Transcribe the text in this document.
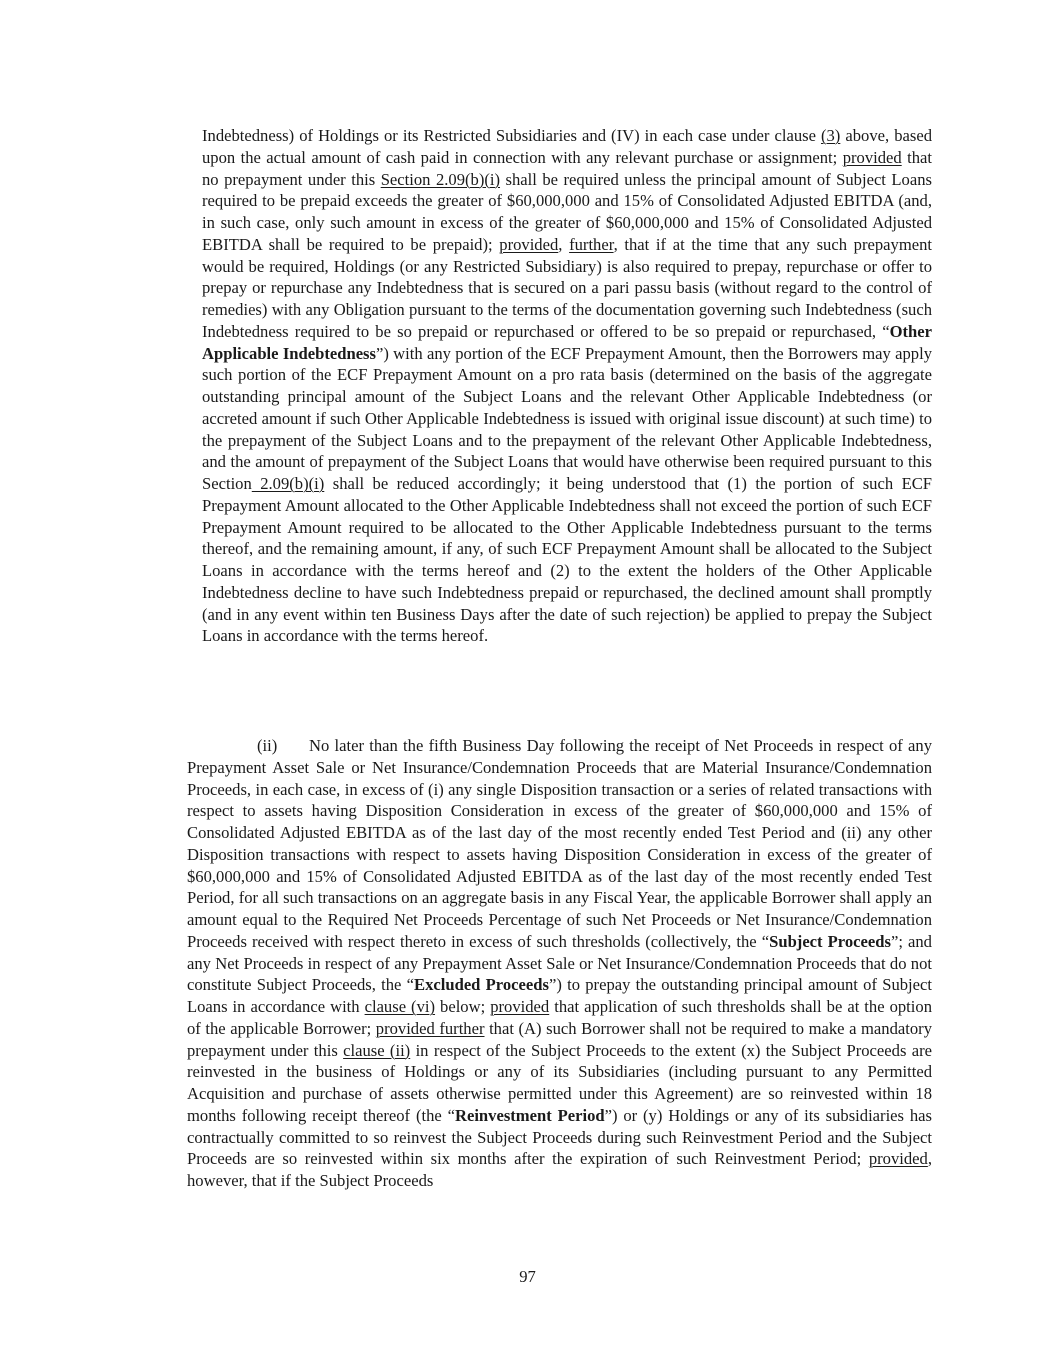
Indebtedness) of Holdings or its Restricted Subsidiaries and (IV) in each case under clause (3) above, based upon the actual amount of cash paid in connection with any relevant purchase or assignment; provided that no prepayment under this Section 2.09(b)(i) shall be required unless the principal amount of Subject Loans required to be prepaid exceeds the greater of $60,000,000 and 15% of Consolidated Adjusted EBITDA (and, in such case, only such amount in excess of the greater of $60,000,000 and 15% of Consolidated Adjusted EBITDA shall be required to be prepaid); provided, further, that if at the time that any such prepayment would be required, Holdings (or any Restricted Subsidiary) is also required to prepay, repurchase or offer to prepay or repurchase any Indebtedness that is secured on a pari passu basis (without regard to the control of remedies) with any Obligation pursuant to the terms of the documentation governing such Indebtedness (such Indebtedness required to be so prepaid or repurchased or offered to be so prepaid or repurchased, “Other Applicable Indebtedness”) with any portion of the ECF Prepayment Amount, then the Borrowers may apply such portion of the ECF Prepayment Amount on a pro rata basis (determined on the basis of the aggregate outstanding principal amount of the Subject Loans and the relevant Other Applicable Indebtedness (or accreted amount if such Other Applicable Indebtedness is issued with original issue discount) at such time) to the prepayment of the Subject Loans and to the prepayment of the relevant Other Applicable Indebtedness, and the amount of prepayment of the Subject Loans that would have otherwise been required pursuant to this Section 2.09(b)(i) shall be reduced accordingly; it being understood that (1) the portion of such ECF Prepayment Amount allocated to the Other Applicable Indebtedness shall not exceed the portion of such ECF Prepayment Amount required to be allocated to the Other Applicable Indebtedness pursuant to the terms thereof, and the remaining amount, if any, of such ECF Prepayment Amount shall be allocated to the Subject Loans in accordance with the terms hereof and (2) to the extent the holders of the Other Applicable Indebtedness decline to have such Indebtedness prepaid or repurchased, the declined amount shall promptly (and in any event within ten Business Days after the date of such rejection) be applied to prepay the Subject Loans in accordance with the terms hereof.

(ii) No later than the fifth Business Day following the receipt of Net Proceeds in respect of any Prepayment Asset Sale or Net Insurance/Condemnation Proceeds that are Material Insurance/Condemnation Proceeds, in each case, in excess of (i) any single Disposition transaction or a series of related transactions with respect to assets having Disposition Consideration in excess of the greater of $60,000,000 and 15% of Consolidated Adjusted EBITDA as of the last day of the most recently ended Test Period and (ii) any other Disposition transactions with respect to assets having Disposition Consideration in excess of the greater of $60,000,000 and 15% of Consolidated Adjusted EBITDA as of the last day of the most recently ended Test Period, for all such transactions on an aggregate basis in any Fiscal Year, the applicable Borrower shall apply an amount equal to the Required Net Proceeds Percentage of such Net Proceeds or Net Insurance/Condemnation Proceeds received with respect thereto in excess of such thresholds (collectively, the “Subject Proceeds”; and any Net Proceeds in respect of any Prepayment Asset Sale or Net Insurance/Condemnation Proceeds that do not constitute Subject Proceeds, the “Excluded Proceeds”) to prepay the outstanding principal amount of Subject Loans in accordance with clause (vi) below; provided that application of such thresholds shall be at the option of the applicable Borrower; provided further that (A) such Borrower shall not be required to make a mandatory prepayment under this clause (ii) in respect of the Subject Proceeds to the extent (x) the Subject Proceeds are reinvested in the business of Holdings or any of its Subsidiaries (including pursuant to any Permitted Acquisition and purchase of assets otherwise permitted under this Agreement) are so reinvested within 18 months following receipt thereof (the “Reinvestment Period”) or (y) Holdings or any of its subsidiaries has contractually committed to so reinvest the Subject Proceeds during such Reinvestment Period and the Subject Proceeds are so reinvested within six months after the expiration of such Reinvestment Period; provided, however, that if the Subject Proceeds

97
